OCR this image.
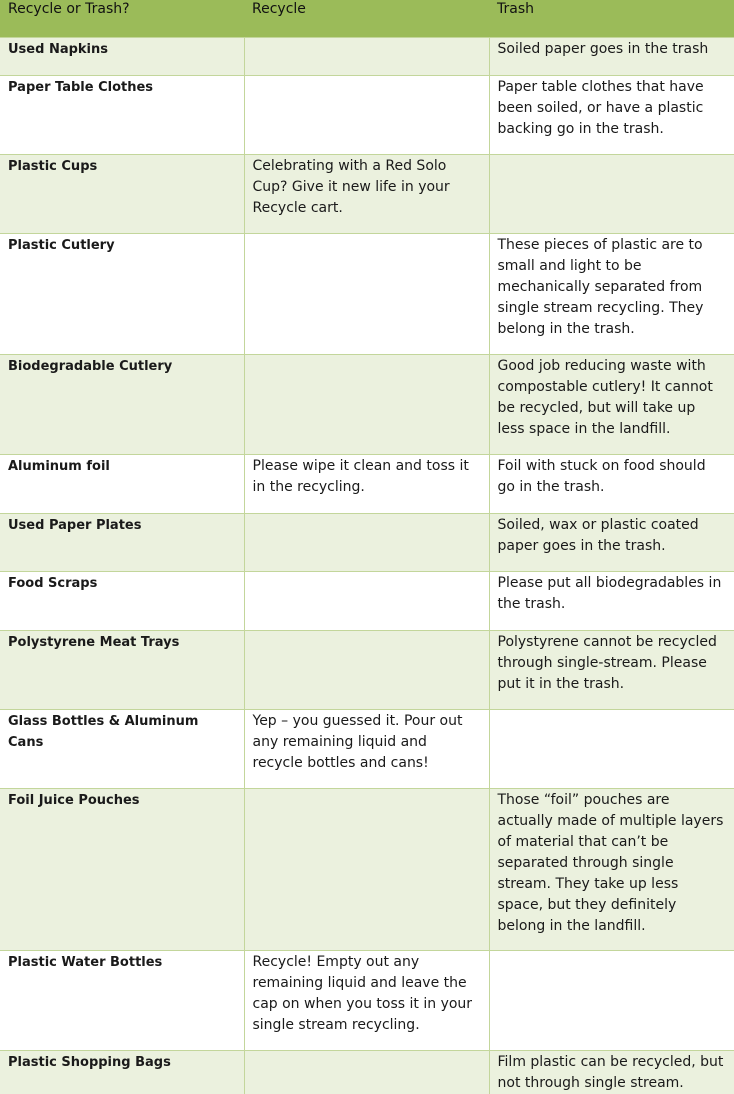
Recycle or Trash?	Recycle	Trash
Used Napkins		Soiled paper goes in the trash
Paper Table Clothes		Paper table clothes that have been soiled, or have a plastic backing go in the trash.
Plastic Cups	Celebrating with a Red Solo Cup? Give it new life in your Recycle cart.	
Plastic Cutlery		These pieces of plastic are to small and light to be mechanically separated from single stream recycling. They belong in the trash.
Biodegradable Cutlery		Good job reducing waste with compostable cutlery! It cannot be recycled, but will take up less space in the landfill.
Aluminum foil	Please wipe it clean and toss it in the recycling.	Foil with stuck on food should go in the trash.
Used Paper Plates		Soiled, wax or plastic coated paper goes in the trash.
Food Scraps		Please put all biodegradables in the trash.
Polystyrene Meat Trays		Polystyrene cannot be recycled through single-stream. Please put it in the trash.
Glass Bottles & Aluminum Cans	Yep – you guessed it. Pour out any remaining liquid and recycle bottles and cans!	
Foil Juice Pouches		Those “foil” pouches are actually made of multiple layers of material that can’t be separated through single stream. They take up less space, but they definitely belong in the landfill.
Plastic Water Bottles	Recycle! Empty out any remaining liquid and leave the cap on when you toss it in your single stream recycling.	
Plastic Shopping Bags		Film plastic can be recycled, but not through single stream.
